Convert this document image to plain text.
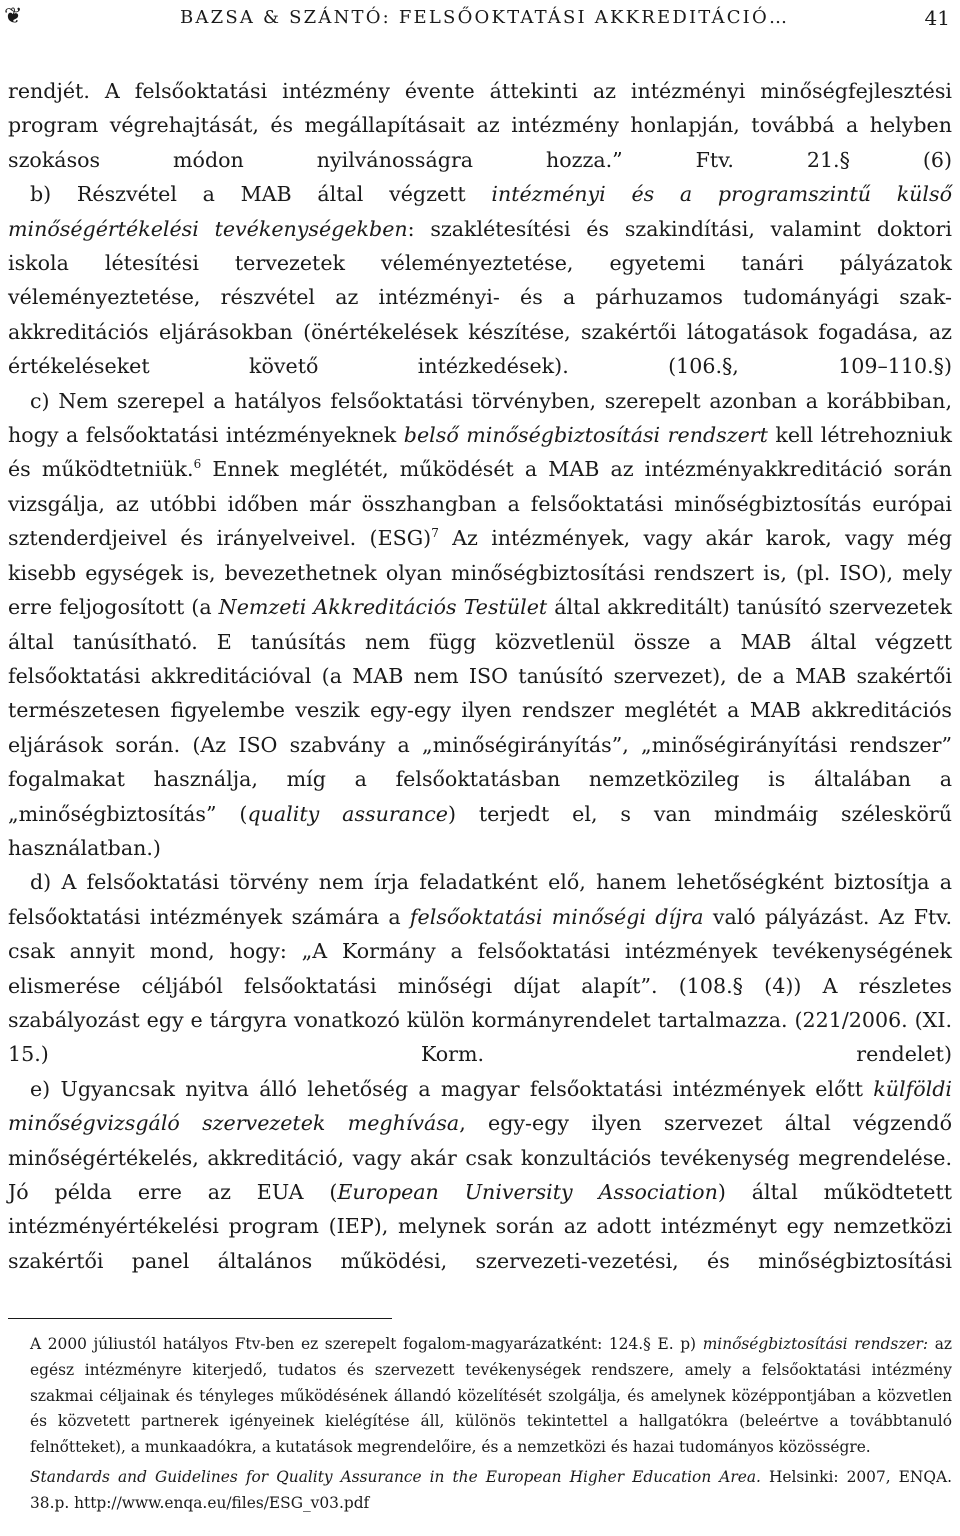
❦	BAZSA & SZÁNTÓ: FELSŐOKTATÁSI AKKREDITÁCIÓ…	41

rendjét. A felsőoktatási intézmény évente áttekinti az intézményi minőségfejlesztési program végrehajtását, és megállapításait az intézmény honlapján, továbbá a helyben szokásos módon nyilvánosságra hozza.” Ftv. 21.§ (6)

b) Részvétel a MAB által végzett intézményi és a programszintű külső minőségértékelési tevékenységekben: szaklétesítési és szakindítási, valamint doktori iskola létesítési tervezetek véleményeztetése, egyetemi tanári pályázatok véleményeztetése, részvétel az intézményi- és a párhuzamos tudományági szak-akkreditációs eljárásokban (önértékelések készítése, szakértői látogatások fogadása, az értékeléseket követő intézkedések). (106.§, 109–110.§)

c) Nem szerepel a hatályos felsőoktatási törvényben, szerepelt azonban a korábbiban, hogy a felsőoktatási intézményeknek belső minőségbiztosítási rendszert kell létrehozniuk és működtetniük.$^6$ Ennek meglétét, működését a MAB az intézményakkreditáció során vizsgálja, az utóbbi időben már összhangban a felsőoktatási minőségbiztosítás európai sztenderdjeivel és irányelveivel. (ESG)$^7$ Az intézmények, vagy akár karok, vagy még kisebb egységek is, bevezethetnek olyan minőségbiztosítási rendszert is, (pl. ISO), mely erre feljogosított (a Nemzeti Akkreditációs Testület által akkreditált) tanúsító szervezetek által tanúsítható. E tanúsítás nem függ közvetlenül össze a MAB által végzett felsőoktatási akkreditációval (a MAB nem ISO tanúsító szervezet), de a MAB szakértői természetesen figyelembe veszik egy-egy ilyen rendszer meglétét a MAB akkreditációs eljárások során. (Az ISO szabvány a „minőségirányítás”, „minőségirányítási rendszer” fogalmakat használja, míg a felsőoktatásban nemzetközileg is általában a „minőségbiztosítás” (quality assurance) terjedt el, s van mindmáig széleskörű használatban.)

d) A felsőoktatási törvény nem írja feladatként elő, hanem lehetőségként biztosítja a felsőoktatási intézmények számára a felsőoktatási minőségi díjra való pályázást. Az Ftv. csak annyit mond, hogy: „A Kormány a felsőoktatási intézmények tevékenységének elismerése céljából felsőoktatási minőségi díjat alapít”. (108.§ (4)) A részletes szabályozást egy e tárgyra vonatkozó külön kormányrendelet tartalmazza. (221/2006. (XI. 15.) Korm. rendelet)

e) Ugyancsak nyitva álló lehetőség a magyar felsőoktatási intézmények előtt külföldi minőségvizsgáló szervezetek meghívása, egy-egy ilyen szervezet által végzendő minőségértékelés, akkreditáció, vagy akár csak konzultációs tevékenység megrendelése. Jó példa erre az EUA (European University Association) által működtetett intézményértékelési program (IEP), melynek során az adott intézményt egy nemzetközi szakértői panel általános működési, szervezeti-vezetési, és minőségbiztosítási

A 2000 júliustól hatályos Ftv-ben ez szerepelt fogalom-magyarázatként: 124.§ E. p) minőségbiztosítási rendszer: az egész intézményre kiterjedő, tudatos és szervezett tevékenységek rendszere, amely a felsőoktatási intézmény szakmai céljainak és tényleges működésének állandó közelítését szolgálja, és amelynek középpontjában a közvetlen és közvetett partnerek igényeinek kielégítése áll, különös tekintettel a hallgatókra (beleértve a továbbtanuló felnőtteket), a munkaadókra, a kutatások megrendelőire, és a nemzetközi és hazai tudományos közösségre.

Standards and Guidelines for Quality Assurance in the European Higher Education Area. Helsinki: 2007, ENQA. 38.p. http://www.enqa.eu/files/ESG_v03.pdf
